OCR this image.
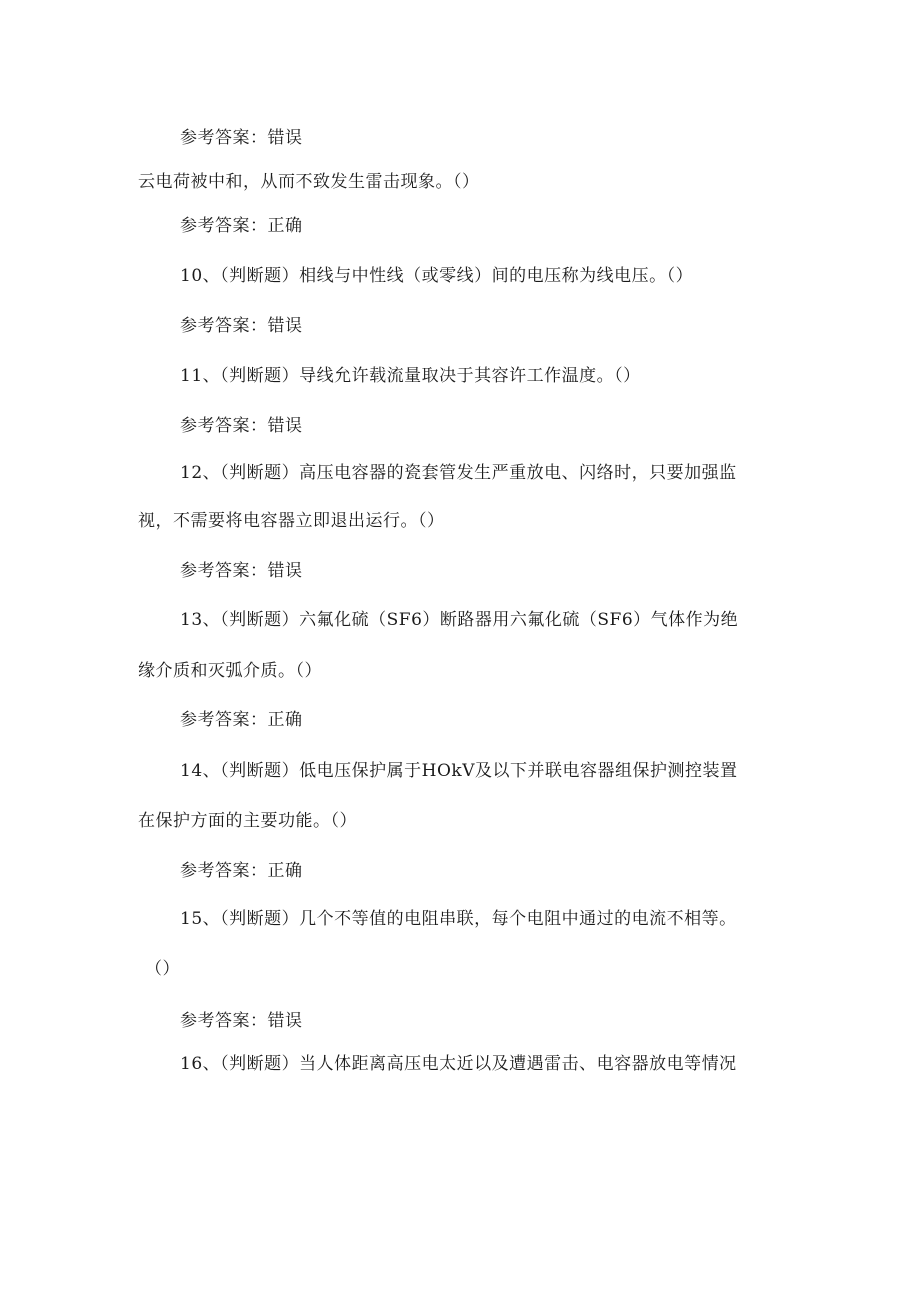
参考答案：错误
云电荷被中和，从而不致发生雷击现象。（）
参考答案：正确
10、（判断题）相线与中性线（或零线）间的电压称为线电压。（）
参考答案：错误
11、（判断题）导线允许载流量取决于其容许工作温度。（）
参考答案：错误
12、（判断题）高压电容器的瓷套管发生严重放电、闪络时，只要加强监
视，不需要将电容器立即退出运行。（）
参考答案：错误
13、（判断题）六氟化硫（SF6）断路器用六氟化硫（SF6）气体作为绝
缘介质和灭弧介质。（）
参考答案：正确
14、（判断题）低电压保护属于HOkV及以下并联电容器组保护测控装置
在保护方面的主要功能。（）
参考答案：正确
15、（判断题）几个不等值的电阻串联，每个电阻中通过的电流不相等。
（）
参考答案：错误
16、（判断题）当人体距离高压电太近以及遭遇雷击、电容器放电等情况
